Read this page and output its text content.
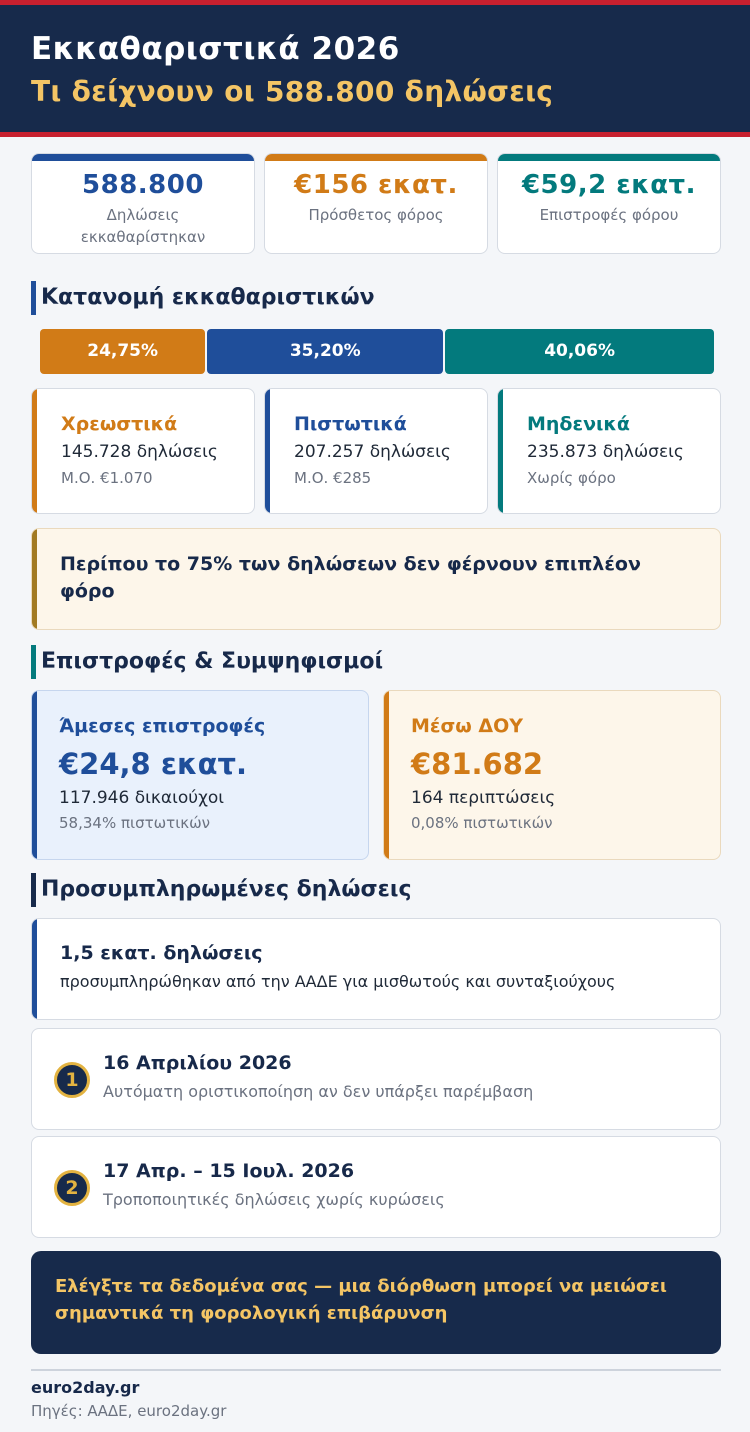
Εκκαθαριστικά 2026
Τι δείχνουν οι 588.800 δηλώσεις
588.800
Δηλώσεις εκκαθαρίστηκαν
€156 εκατ.
Πρόσθετος φόρος
€59,2 εκατ.
Επιστροφές φόρου
Κατανομή εκκαθαριστικών
24,75%	35,20%	40,06%
Χρεωστικά
145.728 δηλώσεις
Μ.Ο. €1.070
Πιστωτικά
207.257 δηλώσεις
Μ.Ο. €285
Μηδενικά
235.873 δηλώσεις
Χωρίς φόρο
Περίπου το 75% των δηλώσεων δεν φέρνουν επιπλέον φόρο
Επιστροφές & Συμψηφισμοί
Άμεσες επιστροφές
€24,8 εκατ.
117.946 δικαιούχοι
58,34% πιστωτικών
Μέσω ΔΟΥ
€81.682
164 περιπτώσεις
0,08% πιστωτικών
Προσυμπληρωμένες δηλώσεις
1,5 εκατ. δηλώσεις
προσυμπληρώθηκαν από την ΑΑΔΕ για μισθωτούς και συνταξιούχους
1
16 Απριλίου 2026
Αυτόματη οριστικοποίηση αν δεν υπάρξει παρέμβαση
2
17 Απρ. – 15 Ιουλ. 2026
Τροποποιητικές δηλώσεις χωρίς κυρώσεις
Ελέγξτε τα δεδομένα σας — μια διόρθωση μπορεί να μειώσει σημαντικά τη φορολογική επιβάρυνση
euro2day.gr
Πηγές: ΑΑΔΕ, euro2day.gr
